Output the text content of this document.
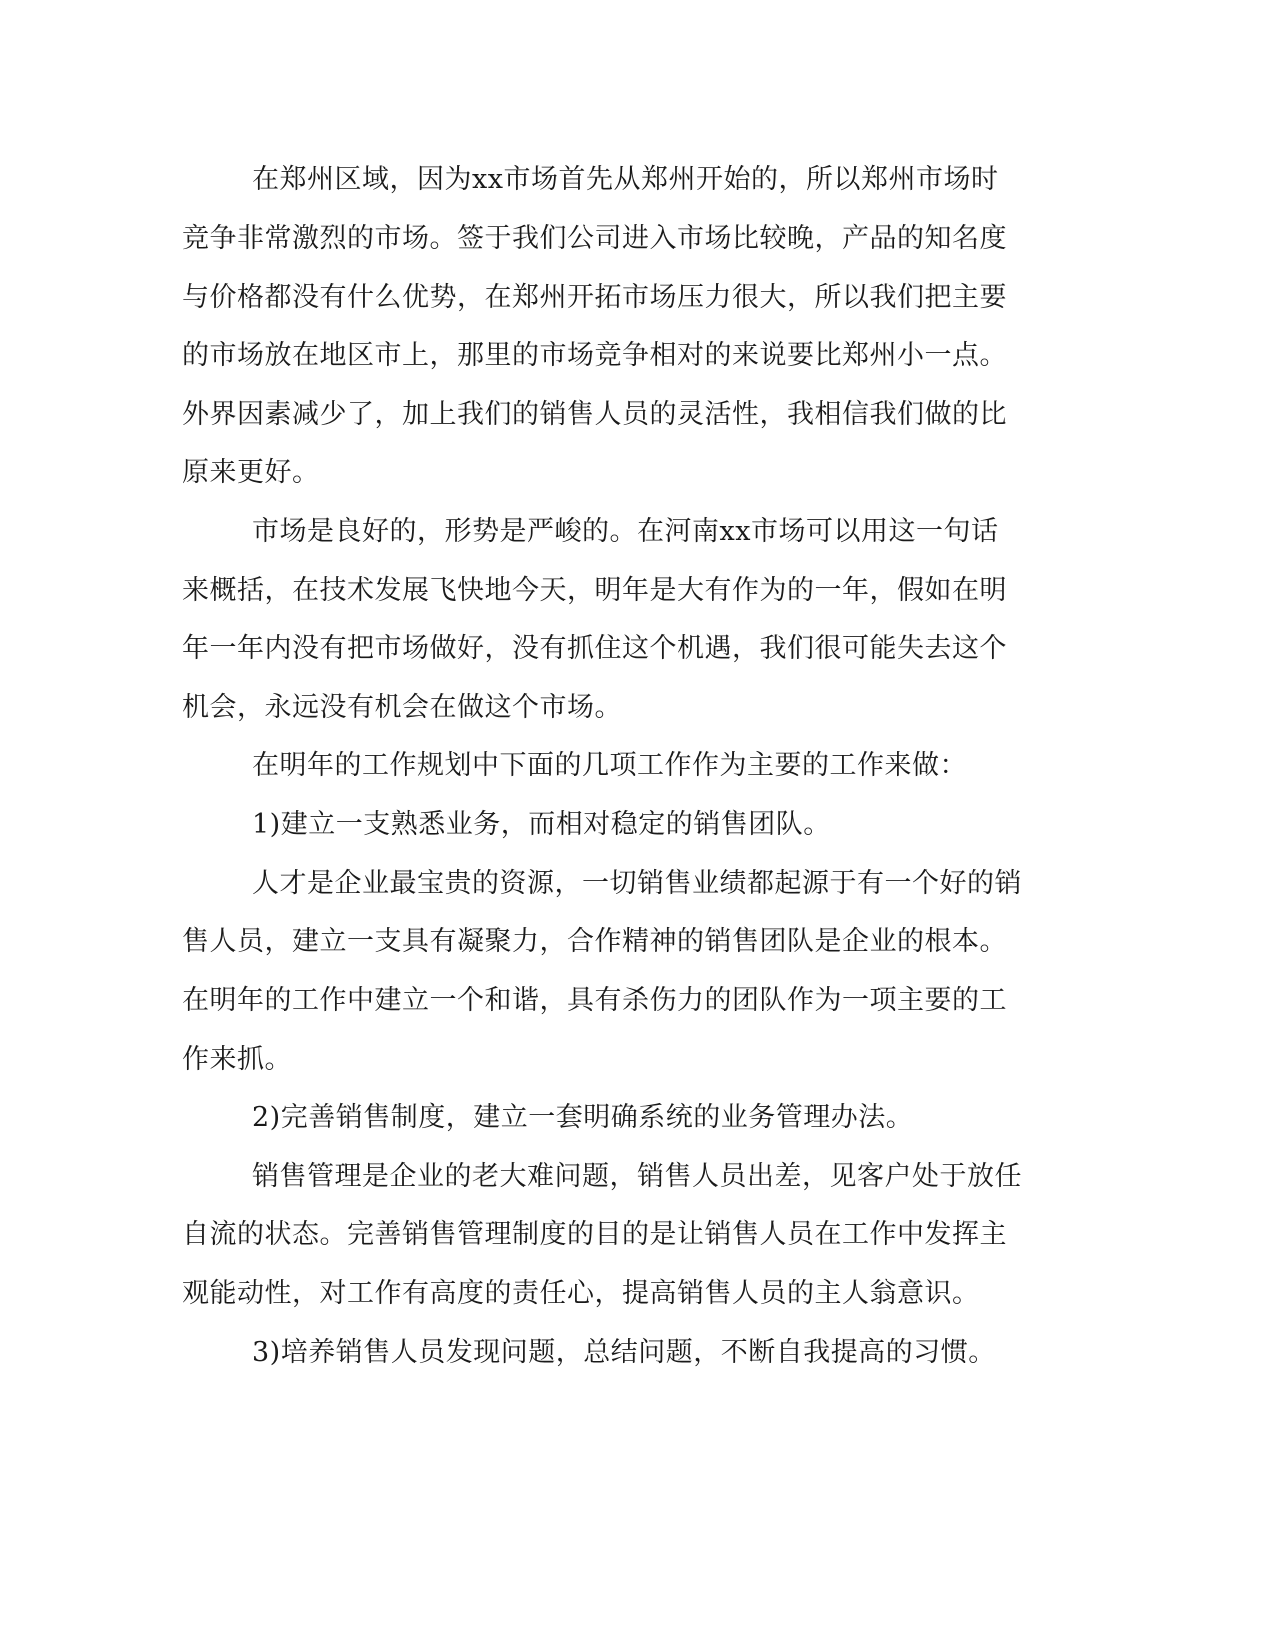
在郑州区域，因为xx市场首先从郑州开始的，所以郑州市场时
竞争非常激烈的市场。签于我们公司进入市场比较晚，产品的知名度
与价格都没有什么优势，在郑州开拓市场压力很大，所以我们把主要
的市场放在地区市上，那里的市场竞争相对的来说要比郑州小一点。
外界因素减少了，加上我们的销售人员的灵活性，我相信我们做的比
原来更好。
市场是良好的，形势是严峻的。在河南xx市场可以用这一句话
来概括，在技术发展飞快地今天，明年是大有作为的一年，假如在明
年一年内没有把市场做好，没有抓住这个机遇，我们很可能失去这个
机会，永远没有机会在做这个市场。
在明年的工作规划中下面的几项工作作为主要的工作来做：
1)建立一支熟悉业务，而相对稳定的销售团队。
人才是企业最宝贵的资源，一切销售业绩都起源于有一个好的销
售人员，建立一支具有凝聚力，合作精神的销售团队是企业的根本。
在明年的工作中建立一个和谐，具有杀伤力的团队作为一项主要的工
作来抓。
2)完善销售制度，建立一套明确系统的业务管理办法。
销售管理是企业的老大难问题，销售人员出差，见客户处于放任
自流的状态。完善销售管理制度的目的是让销售人员在工作中发挥主
观能动性，对工作有高度的责任心，提高销售人员的主人翁意识。
3)培养销售人员发现问题，总结问题，不断自我提高的习惯。
